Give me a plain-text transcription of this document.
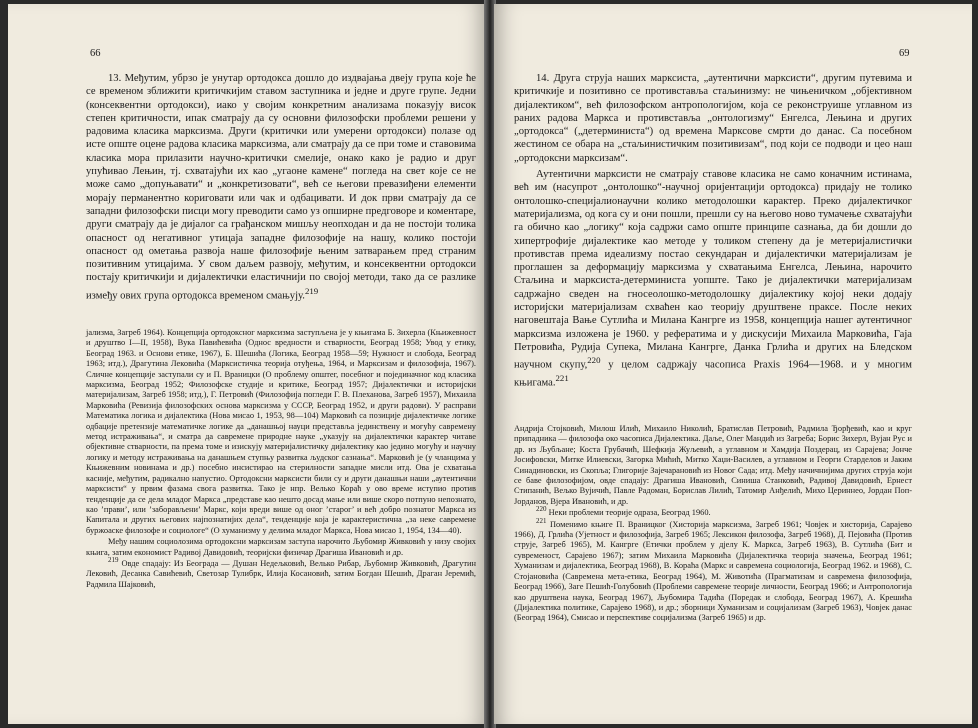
66

13. Међутим, убрзо је унутар ортодокса дошло до издвајања двеју група које ће се временом зближити критичкијим ставом заступника и једне и друге групе. Једни (консеквентни ортодокси), иако у својим конкретним анализама показују висок степен критичности, ипак сматрају да су основни филозофски проблеми решени у радовима класика марксизма. Други (критички или умерени ортодокси) полазе од исте опште оцене радова класика марксизма, али сматрају да се при томе и ставовима класика мора прилазити научно-критички смелије, онако како је радио и друг упућивао Лењин, тј. схватајући их као „угаоне камене“ погледа на свет које се не може само „допуњавати“ и „конкретизовати“, већ се његови превазиђени елементи морају перманентно кориговати или чак и одбацивати. И док први сматрају да се западни филозофски писци могу преводити само уз опширне предговоре и коментаре, други сматрају да је дијалог са грађанском мишљу неопходан и да не постоји толика опасност од негативног утицаја западне филозофије на нашу, колико постоји опасност од ометања развоја наше филозофије њеним затварањем пред страним позитивним утицајима. У свом даљем развоју, међутим, и консеквентни ортодокси постају критичкији и дијалектички еластичнији по својој методи, тако да се разлике између ових група ортодокса временом смањују.$^{219}$

јализма, Загреб 1964). Концепција ортодоксног марксизма заступљена је у књигама Б. Зихерла (Књижевност и друштво I—II, 1958), Вука Павићевића (Однос вредности и стварности, Београд 1958; Увод у етику, Београд 1963. и Основи етике, 1967), Б. Шешића (Логика, Београд 1958—59; Нужност и слобода, Београд 1963; итд.), Драгутина Лековића (Марксистичка теорија отуђења, 1964, и Марксизам и филозофија, 1967). Сличне концепције заступали су и П. Враницки (О проблему општег, посебног и појединачног код класика марксизма, Београд 1952; Филозофске студије и критике, Београд 1957; Дијалектички и историјски материјализам, Загреб 1958; итд.), Г. Петровић (Филозофија погледи Г. В. Плеханова, Загреб 1957), Михаила Марковића (Ревизија филозофских основа марксизма у СССР, Београд 1952, и други радови). У расправи Математика логика и дијалектика (Нова мисао 1, 1953, 98—104) Марковић са позиције дијалектичке логике одбације претензије математичке логике да „данашњој науци представља јединствену и могућу савремену метод истраживања“, и сматра да савремене природне науке „указују на дијалектички карактер читаве објективне стварности, па према томе и изискују материјалистичку дијалектику као једино могућу и научну логику и методу истраживања на данашњем ступњу развитка људског сазнања“. Марковић је (у чланцима у Књижевним новинама и др.) посебно инсистирао на стерилности западне мисли итд. Ова је схватања касније, међутим, радикално напустио. Ортодоксни марксисти били су и други данашњи наши „аутентични марксисти“ у првим фазама свога развитка. Тако је нпр. Велько Кораћ у ово време иступио против тенденције да се дела младог Маркса „представе као нешто досад мање или више скоро потпуно непознато, као ’прави’, или ’заборављени’ Маркс, који вреди више од оног ’старог’ и већ добро познатог Маркса из Капитала и других његових најпознатијих дела“, тенденције која је карактеристична „за неке савремене буржоаске филозофе и социологе“ (О хуманизму у делима младог Маркса, Нова мисао 1, 1954, 134—40).

Међу нашим социолозима ортодоксни марксизам заступа нарочито Љубомир Живковић у низу својих књига, затим економист Радивој Давидовић, теоријски физичар Драгиша Ивановић и др.

$^{219}$ Овде спадају: Из Београда — Душан Недељковић, Велько Рибар, Љубомир Живковић, Драгутин Лековић, Десанка Савићевић, Светозар Тулибрк, Илија Косановић, затим Богдан Шешић, Драган Јеремић, Радмила Шајковић,

69

14. Друга струја наших марксиста, „аутентични марксисти“, другим путевима и критичкије и позитивно се противставља стаљинизму: не чињеничком „објективном дијалектиком“, већ филозофском антропологијом, која се реконструише углавном из раних радова Маркса и противставља „онтологизму“ Енгелса, Лењина и других „ортодокса“ („детерминиста“) од времена Марксове смрти до данас. Са посебном жестином се обара на „стаљинистичким позитивизам“, под који се подводи и цео наш „ортодоксни марксизам“.

Аутентични марксисти не сматрају ставове класика не само коначним истинама, већ им (насупрот „онтолошко“-научној оријентацији ортодокса) придају не толико онтолошко-специјалионаучни колико методолошки карактер. Преко дијалектичког материјализма, од кога су и они пошли, прешли су на његово ново тумачење схватајући га обично као „логику“ која садржи само опште принципе сазнања, да би дошли до хипертрофије дијалектике као методе у толиком степену да је метеријалистички противстав према идеализму постао секундаран и дијалектички материјализам је проглашен за деформацију марксизма у схватањима Енгелса, Лењина, нарочито Стаљина и марксиста-детерминиста уопште. Тако је дијалектички материјализам садржајно сведен на гносеолошко-методолошку дијалектику којој неки додају историјски материјализам схваћен као теорију друштвене праксе. После неких наговештаја Вање Сутлића и Милана Кангрге из 1958, концепција нашег аутентичног марксизма изложена је 1960. у рефератима и у дискусији Михаила Марковића, Гаја Петровића, Рудија Супека, Милана Кангрге, Данка Грлића и других на Бледском научном скупу,$^{220}$ у целом садржају часописа Praxis 1964—1968. и у многим књигама.$^{221}$

Андрија Стојковић, Милош Илић, Михаило Николић, Братислав Петровић, Радмила Ђорђевић, као и круг припадника — филозофа око часописа Дијалектика. Даље, Олег Мандић из Загреба; Борис Зихерл, Вујан Рус и др. из Љубљане; Коста Грубачић, Шефкија Жуљевић, а углавном и Хамдија Поздерац, из Сарајева; Јонче Јосифовски, Митке Илиевски, Загорка Мићић, Митко Хаџи-Василев, а углавном и Георги Старделов и Јаким Синадиновски, из Скопља; Глигорије Зајечарановић из Новог Сада; итд. Међу начичнијима других струја који се баве филозофијом, овде спадају: Драгиша Ивановић, Синиша Станковић, Радивој Давидовић, Ернест Стипанић, Вељко Вујичић, Павле Радоман, Борислав Лилић, Татомир Анђелић, Михо Цериннео, Јордан Поп-Јорданов, Вјера Ивановић, и др.

$^{220}$ Неки проблеми теорије одраза, Београд 1960.

$^{221}$ Поменимо књиге П. Враницког (Хисторија марксизма, Загреб 1961; Човјек и хисторија, Сарајево 1966), Д. Грлића (Ујетност и филозофија, Загреб 1965; Лексикон филозофа, Загреб 1968), Д. Пејовића (Против струје, Загреб 1965), М. Кангрге (Етички проблем у дјелу К. Маркса, Загреб 1963), В. Сутлића (Бит и сувременост, Сарајево 1967); затим Михаила Марковића (Дијалектичка теорија значења, Београд 1961; Хуманизам и дијалектика, Београд 1968), В. Кораћа (Маркс и савремена социологија, Београд 1962. и 1968), С. Стојановића (Савремена мета-етика, Београд 1964), М. Животића (Прагматизам и савремена филозофија, Београд 1966), Заге Пешић-Голубовић (Проблеми савремене теорије личности, Београд 1966; и Антропологија као друштвена наука, Београд 1967), Љубомира Тадића (Поредак и слобода, Београд 1967), А. Крешића (Дијалектика политике, Сарајево 1968), и др.; зборници Хуманизам и социјализам (Загреб 1963), Човјек данас (Београд 1964), Смисао и перспективе социјализма (Загреб 1965) и др.
